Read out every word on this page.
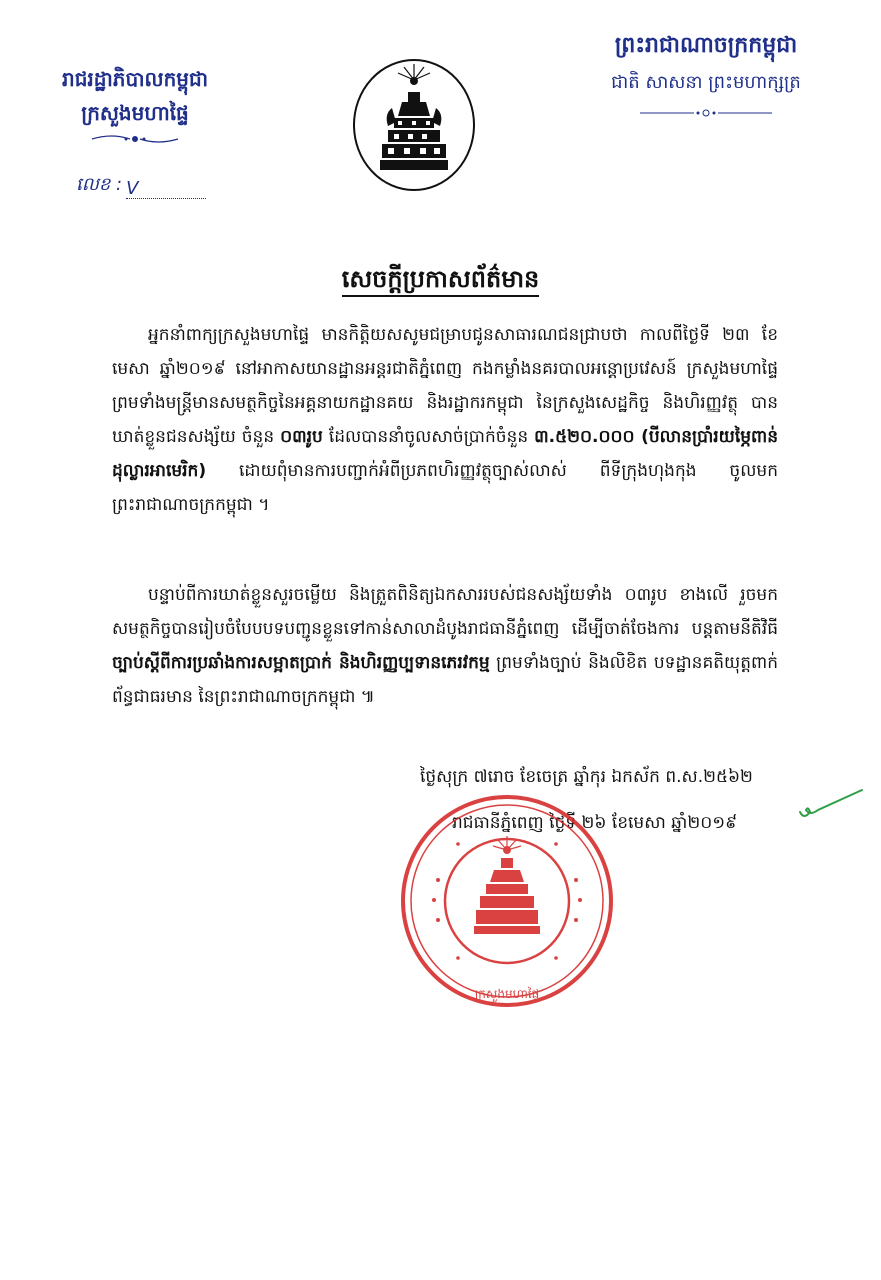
រាជរដ្ឋាភិបាលកម្ពុជា
ក្រសួងមហាផ្ទៃ
លេខ : V
ព្រះរាជាណាចក្រកម្ពុជា
ជាតិ សាសនា ព្រះមហាក្សត្រ
សេចក្តីប្រកាសព័ត៌មាន
អ្នកនាំពាក្យក្រសួងមហាផ្ទៃ មានកិត្តិយសសូមជម្រាបជូនសាធារណជនជ្រាបថា កាលពីថ្ងៃទី ២៣ ខែមេសា ឆ្នាំ២០១៩ នៅអាកាសយានដ្ឋានអន្តរជាតិភ្នំពេញ កងកម្លាំងនគរបាលអន្តោប្រវេសន៍ ក្រសួងមហាផ្ទៃ ព្រមទាំងមន្ត្រីមានសមត្ថកិច្ចនៃអគ្គនាយកដ្ឋានគយ និងរដ្ឋាករកម្ពុជា នៃក្រសួងសេដ្ឋកិច្ច និងហិរញ្ញវត្ថុ បានឃាត់ខ្លួនជនសង្ស័យ ចំនួន ០៣រូប ដែលបាននាំចូលសាច់ប្រាក់ចំនួន ៣.៥២០.០០០ (បីលានប្រាំរយម្ភៃពាន់ដុល្លារអាមេរិក) ដោយពុំមានការបញ្ជាក់អំពីប្រភពហិរញ្ញវត្ថុច្បាស់លាស់ ពីទីក្រុងហុងកុង ចូលមកព្រះរាជាណាចក្រកម្ពុជា ។
បន្ទាប់ពីការឃាត់ខ្លួនសួរចម្លើយ និងត្រួតពិនិត្យឯកសាររបស់ជនសង្ស័យទាំង ០៣រូប ខាងលើ រួចមក សមត្ថកិច្ចបានរៀបចំបែបបទបញ្ជូនខ្លួនទៅកាន់សាលាដំបូងរាជធានីភ្នំពេញ ដើម្បីចាត់ចែងការ បន្តតាមនីតិវិធី ច្បាប់ស្តីពីការប្រឆាំងការសម្អាតប្រាក់ និងហិរញ្ញប្បទានភេរវកម្ម ព្រមទាំងច្បាប់ និងលិខិត បទដ្ឋានគតិយុត្តពាក់ព័ន្ធជាធរមាន នៃព្រះរាជាណាចក្រកម្ពុជា ៕
ថ្ងៃសុក្រ ៧រោច ខែចេត្រ ឆ្នាំកុរ ឯកស័ក ព.ស.២៥៦២
រាជធានីភ្នំពេញ ថ្ងៃទី ២៦ ខែមេសា ឆ្នាំ២០១៩
ក្រសួងមហាផ្ទៃ
